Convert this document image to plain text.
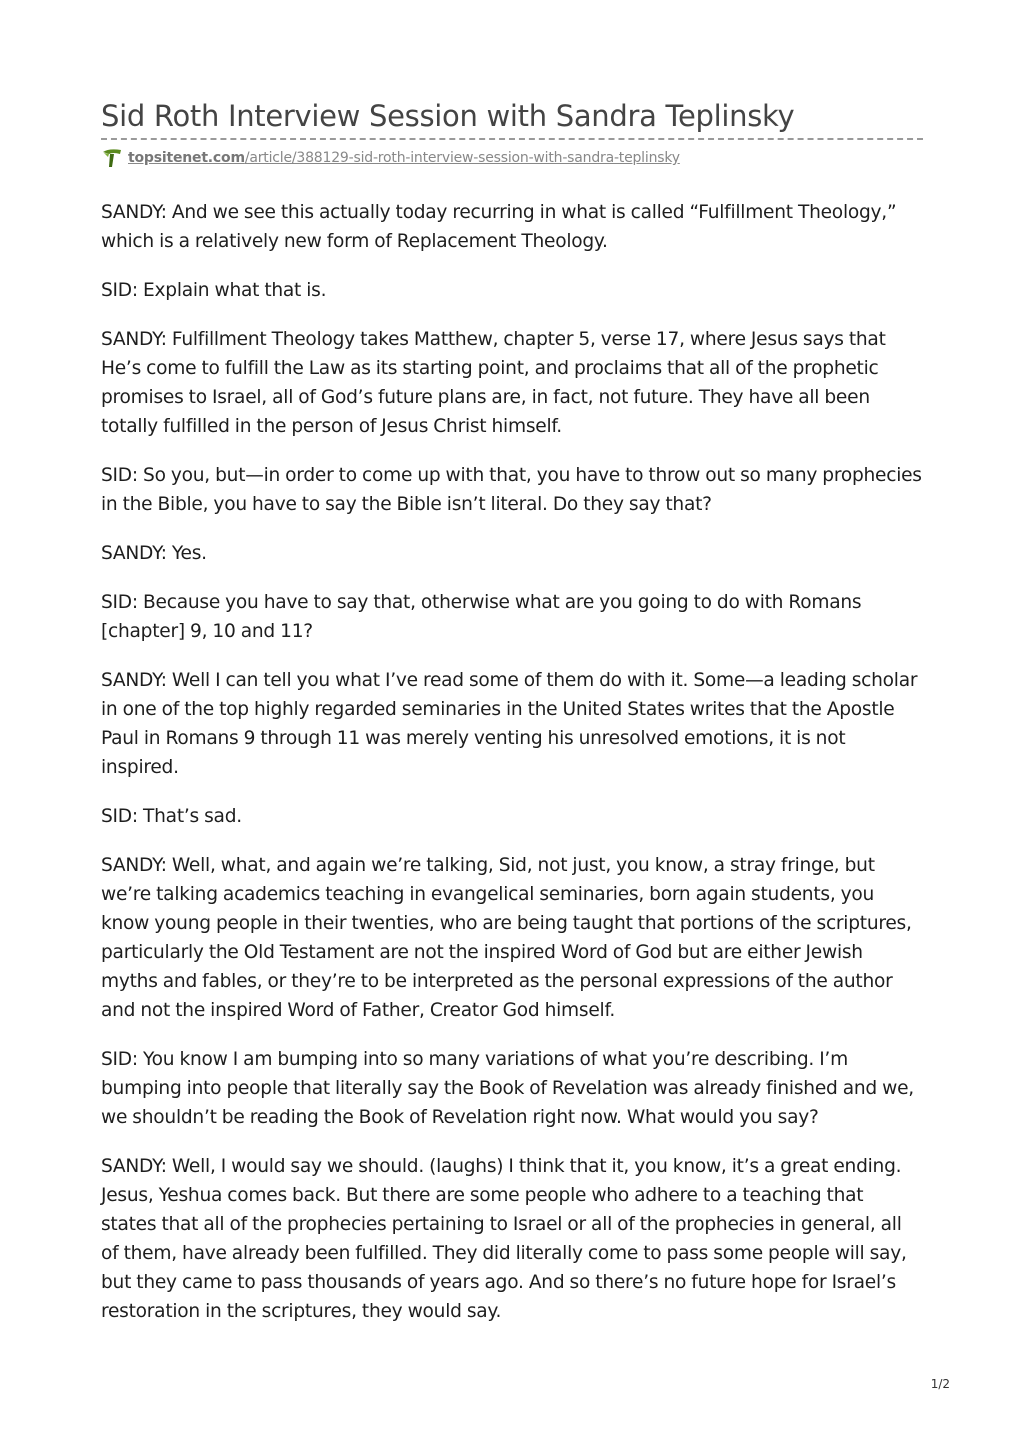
Sid Roth Interview Session with Sandra Teplinsky
topsitenet.com/article/388129-sid-roth-interview-session-with-sandra-teplinsky

SANDY: And we see this actually today recurring in what is called “Fulfillment Theology,” which is a relatively new form of Replacement Theology.

SID: Explain what that is.

SANDY: Fulfillment Theology takes Matthew, chapter 5, verse 17, where Jesus says that He’s come to fulfill the Law as its starting point, and proclaims that all of the prophetic promises to Israel, all of God’s future plans are, in fact, not future. They have all been totally fulfilled in the person of Jesus Christ himself.

SID: So you, but—in order to come up with that, you have to throw out so many prophecies in the Bible, you have to say the Bible isn’t literal. Do they say that?

SANDY: Yes.

SID: Because you have to say that, otherwise what are you going to do with Romans [chapter] 9, 10 and 11?

SANDY: Well I can tell you what I’ve read some of them do with it. Some—a leading scholar in one of the top highly regarded seminaries in the United States writes that the Apostle Paul in Romans 9 through 11 was merely venting his unresolved emotions, it is not inspired.

SID: That’s sad.

SANDY: Well, what, and again we’re talking, Sid, not just, you know, a stray fringe, but we’re talking academics teaching in evangelical seminaries, born again students, you know young people in their twenties, who are being taught that portions of the scriptures, particularly the Old Testament are not the inspired Word of God but are either Jewish myths and fables, or they’re to be interpreted as the personal expressions of the author and not the inspired Word of Father, Creator God himself.

SID: You know I am bumping into so many variations of what you’re describing. I’m bumping into people that literally say the Book of Revelation was already finished and we, we shouldn’t be reading the Book of Revelation right now. What would you say?

SANDY: Well, I would say we should. (laughs) I think that it, you know, it’s a great ending. Jesus, Yeshua comes back. But there are some people who adhere to a teaching that states that all of the prophecies pertaining to Israel or all of the prophecies in general, all of them, have already been fulfilled. They did literally come to pass some people will say, but they came to pass thousands of years ago. And so there’s no future hope for Israel’s restoration in the scriptures, they would say.

1/2
